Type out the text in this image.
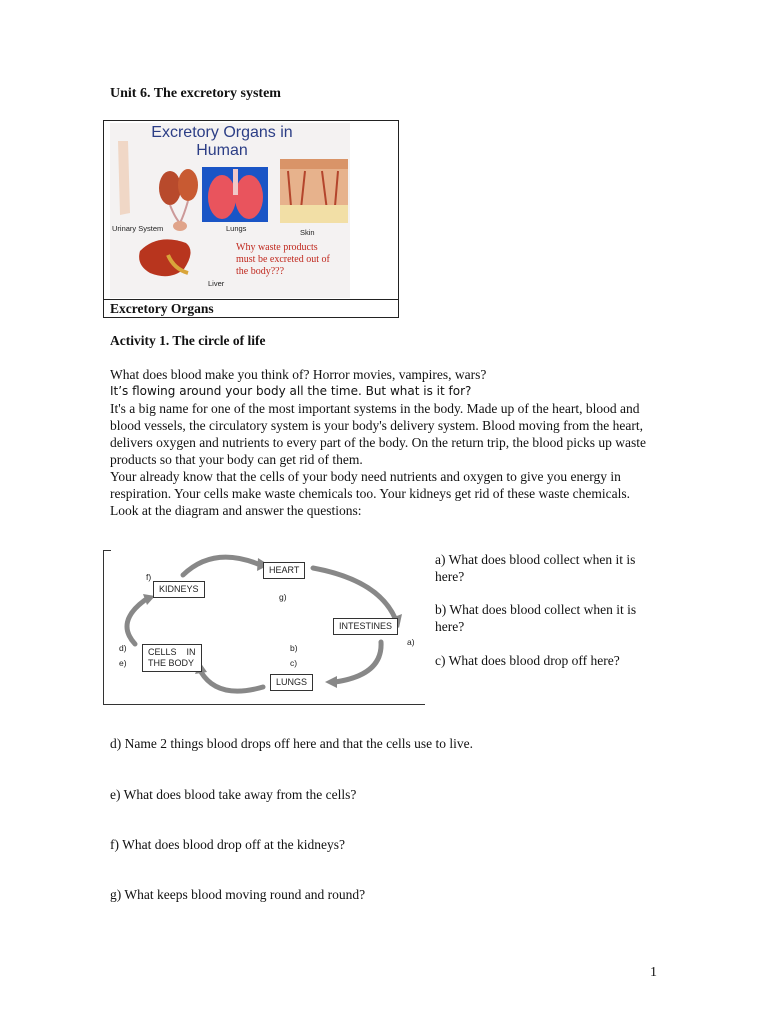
Unit 6. The excretory system
Excretory Organs in
Human
Urinary System	Lungs	Skin
Liver
Why waste products
must be excreted out of
the body???
Excretory Organs
Activity 1. The circle of life

What does blood make you think of? Horror movies, vampires, wars?

It’s flowing around your body all the time. But what is it for?

It's a big name for one of the most important systems in the body. Made up of the heart, blood and blood vessels, the circulatory system is your body's delivery system. Blood moving from the heart, delivers oxygen and nutrients to every part of the body. On the return trip, the blood picks up waste products so that your body can get rid of them.

Your already know that the cells of your body need nutrients and oxygen to give you energy in respiration. Your cells make waste chemicals too. Your kidneys get rid of these waste chemicals.

Look at the diagram and answer the questions:

HEART
KIDNEYS
INTESTINES
CELLS    IN
THE BODY
LUNGS
a)
b)
c)
d)
e)
f)
g)
a) What does blood collect when it is here?
b) What does blood collect when it is here?
c) What does blood drop off here?
d) Name 2 things blood drops off here and that the cells use to live.
e) What does blood take away from the cells?
f) What does blood drop off at the kidneys?
g) What keeps blood moving round and round?
1
